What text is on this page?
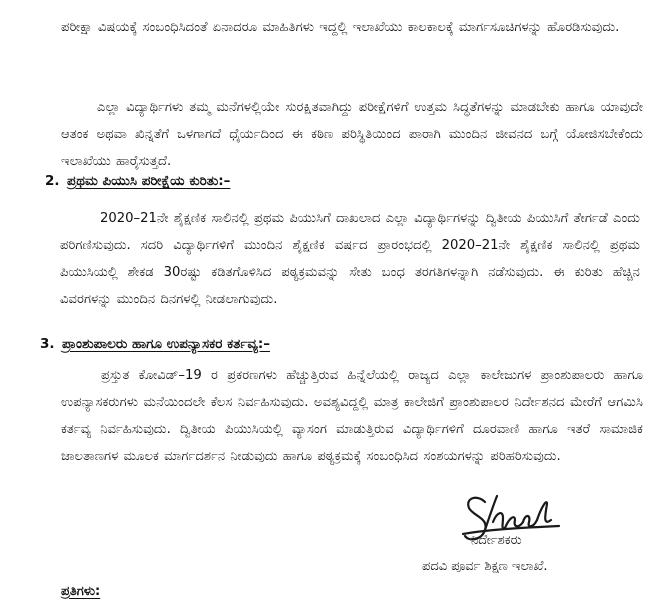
ಪರೀಕ್ಷಾ ವಿಷಯಕ್ಕೆ ಸಂಬಂಧಿಸಿದಂತೆ ಏನಾದರೂ ಮಾಹಿತಿಗಳು ಇದ್ದಲ್ಲಿ ಇಲಾಖೆಯು ಕಾಲಕಾಲಕ್ಕೆ ಮಾರ್ಗಸೂಚಿಗಳನ್ನು ಹೊರಡಿಸುವುದು.

ಎಲ್ಲಾ ವಿದ್ಯಾರ್ಥಿಗಳು ತಮ್ಮ ಮನೆಗಳಲ್ಲಿಯೇ ಸುರಕ್ಷಿತವಾಗಿದ್ದು ಪರೀಕ್ಷೆಗಳಿಗೆ ಉತ್ತಮ ಸಿದ್ಧತೆಗಳನ್ನು ಮಾಡಬೇಕು ಹಾಗೂ ಯಾವುದೇ ಆತಂಕ ಅಥವಾ ಖಿನ್ನತೆಗೆ ಒಳಗಾಗದೆ ಧೈರ್ಯದಿಂದ ಈ ಕಠಿಣ ಪರಿಸ್ಥಿತಿಯಿಂದ ಪಾರಾಗಿ ಮುಂದಿನ ಜೀವನದ ಬಗ್ಗೆ ಯೋಜಿಸಬೇಕೆಂದು ಇಲಾಖೆಯು ಹಾರೈಸುತ್ತದೆ.

2. ಪ್ರಥಮ ಪಿಯುಸಿ ಪರೀಕ್ಷೆಯ ಕುರಿತು:–

2020–21ನೇ ಶೈಕ್ಷಣಿಕ ಸಾಲಿನಲ್ಲಿ ಪ್ರಥಮ ಪಿಯುಸಿಗೆ ದಾಖಲಾದ ಎಲ್ಲಾ ವಿದ್ಯಾರ್ಥಿಗಳನ್ನು ದ್ವಿತೀಯ ಪಿಯುಸಿಗೆ ತೇರ್ಗಡೆ ಎಂದು ಪರಿಗಣಿಸುವುದು. ಸದರಿ ವಿದ್ಯಾರ್ಥಿಗಳಿಗೆ ಮುಂದಿನ ಶೈಕ್ಷಣಿಕ ವರ್ಷದ ಪ್ರಾರಂಭದಲ್ಲಿ 2020–21ನೇ ಶೈಕ್ಷಣಿಕ ಸಾಲಿನಲ್ಲಿ ಪ್ರಥಮ ಪಿಯುಸಿಯಲ್ಲಿ ಶೇಕಡ 30ರಷ್ಟು ಕಡಿತಗೊಳಿಸಿದ ಪಠ್ಯಕ್ರಮವನ್ನು ಸೇತು ಬಂಧ ತರಗತಿಗಳನ್ನಾಗಿ ನಡೆಸುವುದು. ಈ ಕುರಿತು ಹೆಚ್ಚಿನ ವಿವರಗಳನ್ನು ಮುಂದಿನ ದಿನಗಳಲ್ಲಿ ನೀಡಲಾಗುವುದು.

3. ಪ್ರಾಂಶುಪಾಲರು ಹಾಗೂ ಉಪನ್ಯಾಸಕರ ಕರ್ತವ್ಯ:–

ಪ್ರಸ್ತುತ ಕೋವಿಡ್–19 ರ ಪ್ರಕರಣಗಳು ಹೆಚ್ಚುತ್ತಿರುವ ಹಿನ್ನೆಲೆಯಲ್ಲಿ ರಾಜ್ಯದ ಎಲ್ಲಾ ಕಾಲೇಜುಗಳ ಪ್ರಾಂಶುಪಾಲರು ಹಾಗೂ ಉಪನ್ಯಾಸಕರುಗಳು ಮನೆಯಿಂದಲೇ ಕೆಲಸ ನಿರ್ವಹಿಸುವುದು. ಅವಶ್ಯವಿದ್ದಲ್ಲಿ ಮಾತ್ರ ಕಾಲೇಜಿಗೆ ಪ್ರಾಂಶುಪಾಲರ ನಿರ್ದೇಶನದ ಮೇರೆಗೆ ಆಗಮಿಸಿ ಕರ್ತವ್ಯ ನಿರ್ವಹಿಸುವುದು. ದ್ವಿತೀಯ ಪಿಯುಸಿಯಲ್ಲಿ ವ್ಯಾಸಂಗ ಮಾಡುತ್ತಿರುವ ವಿದ್ಯಾರ್ಥಿಗಳಿಗೆ ದೂರವಾಣಿ ಹಾಗೂ ಇತರೆ ಸಾಮಾಜಿಕ ಜಾಲತಾಣಗಳ ಮೂಲಕ ಮಾರ್ಗದರ್ಶನ ನೀಡುವುದು ಹಾಗೂ ಪಠ್ಯಕ್ರಮಕ್ಕೆ ಸಂಬಂಧಿಸಿದ ಸಂಶಯಗಳನ್ನು ಪರಿಹರಿಸುವುದು.

ನಿರ್ದೇಶಕರು

ಪದವಿ ಪೂರ್ವ ಶಿಕ್ಷಣ ಇಲಾಖೆ.

ಪ್ರತಿಗಳು:
